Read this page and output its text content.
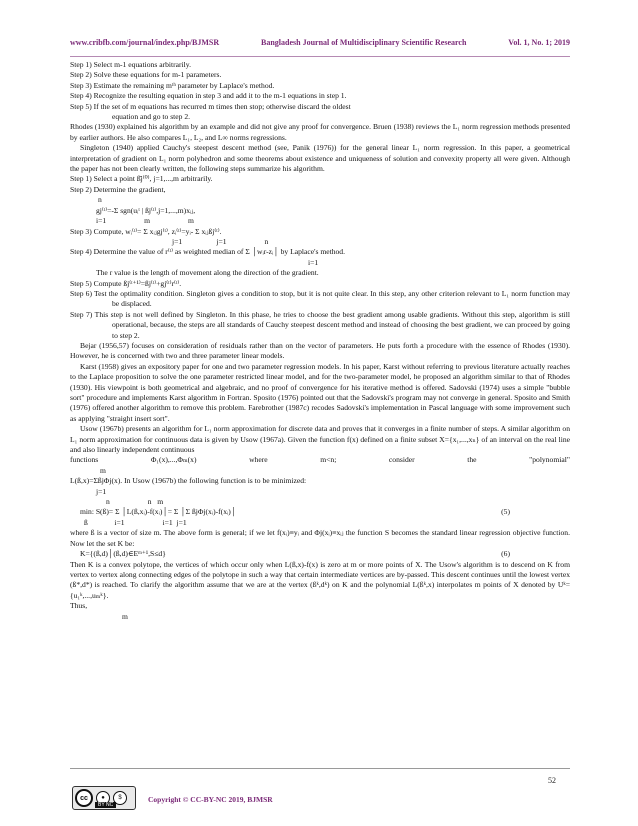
www.cribfb.com/journal/index.php/BJMSR	Bangladesh Journal of Multidisciplinary Scientific Research	Vol. 1, No. 1; 2019

Step 1) Select m-1 equations arbitrarily.

Step 2) Solve these equations for m-1 parameters.

Step 3) Estimate the remaining mᵗʰ parameter by Laplace's method.

Step 4) Recognize the resulting equation in step 3 and add it to the m-1 equations in step 1.

Step 5) If the set of m equations has recurred m times then stop; otherwise discard the oldest

equation and go to step 2.

Rhodes (1930) explained his algorithm by an example and did not give any proof for convergence. Bruen (1938) reviews the L₁ norm regression methods presented by earlier authors. He also compares L₁, L₂, and L∞ norms regressions.

Singleton (1940) applied Cauchy's steepest descent method (see, Panik (1976)) for the general linear L₁ norm regression. In this paper, a geometrical interpretation of gradient on L₁ norm polyhedron and some theorems about existence and uniqueness of solution and convexity property all were given. Although the paper has not been clearly written, the following steps summarize his algorithm.

Step 1) Select a point ß̂j⁽⁰⁾, j=1,...,m arbitrarily.

Step 2) Determine the gradient,

n

gj⁽ᵗ⁾=-Σ sgn(uᵢᵗ | ßj⁽ᵗ⁾,j=1,...,m)xᵢⱼ,

i=1                    m                    m

Step 3) Compute, wᵢ⁽ᵗ⁾= Σ xᵢⱼgj⁽ᵗ⁾, zᵢ⁽ᵗ⁾=yᵢ- Σ xᵢⱼßj⁽ᵗ⁾.

j=1                  j=1                    n

Step 4) Determine the value of r⁽ᵗ⁾ as weighted median of Σ │wᵢr-zᵢ│ by Laplace's method.

i=1

The r value is the length of movement along the direction of the gradient.

Step 5) Compute ßj⁽ᵗ⁺¹⁾=ßj⁽ᵗ⁾+gj⁽ᵗ⁾r⁽ᵗ⁾.

Step 6) Test the optimality condition. Singleton gives a condition to stop, but it is not quite clear. In this step, any other criterion relevant to L₁ norm function may be displaced.

Step 7) This step is not well defined by Singleton. In this phase, he tries to choose the best gradient among usable gradients. Without this step, algorithm is still operational, because, the steps are all standards of Cauchy steepest descent method and instead of choosing the best gradient, we can proceed by going to step 2.

Bejar (1956,57) focuses on consideration of residuals rather than on the vector of parameters. He puts forth a procedure with the essence of Rhodes (1930). However, he is concerned with two and three parameter linear models.

Karst (1958) gives an expository paper for one and two parameter regression models. In his paper, Karst without referring to previous literature actually reaches to the Laplace proposition to solve the one parameter restricted linear model, and for the two-parameter model, he proposed an algorithm similar to that of Rhodes (1930). His viewpoint is both geometrical and algebraic, and no proof of convergence for his iterative method is offered. Sadovski (1974) uses a simple "bubble sort" procedure and implements Karst algorithm in Fortran. Sposito (1976) pointed out that the Sadovski's program may not converge in general. Sposito and Smith (1976) offered another algorithm to remove this problem. Farebrother (1987c) recodes Sadovski's implementation in Pascal language with some improvement such as applying "straight insert sort".

Usow (1967b) presents an algorithm for L₁ norm approximation for discrete data and proves that it converges in a finite number of steps. A similar algorithm on L₁ norm approximation for continuous data is given by Usow (1967a). Given the function f(x) defined on a finite subset X={x₁,...,xₙ} of an interval on the real line and also linearly independent continuous

functions	Φ₁(x),...,Φₘ(x)	where	m<n;	consider	the	"polynomial"

m

L(ß,x)=ΣßjΦj(x). In Usow (1967b) the following function is to be minimized:

j=1

n                    n   m

min: S(ß)= Σ │L(ß,xᵢ)-f(xᵢ)│= Σ │Σ ßjΦj(xᵢ)-f(xᵢ)│	(5)

ß              i=1                    i=1  j=1

where ß is a vector of size m. The above form is general; if we let f(xᵢ)≡yᵢ and Φj(xᵢ)≡xᵢⱼ the function S becomes the standard linear regression objective function. Now let the set K be:

K={(ß,d)│(ß,d)∈Eᵐ⁺¹,S≤d}	(6)

Then K is a convex polytope, the vertices of which occur only when L(ß,x)-f(x) is zero at m or more points of X. The Usow's algorithm is to descend on K from vertex to vertex along connecting edges of the polytope in such a way that certain intermediate vertices are by-passed. This descent continues until the lowest vertex (ß*,d*) is reached. To clarify the algorithm assume that we are at the vertex (ßᵏ,dᵏ) on K and the polynomial L(ßᵏ,x) interpolates m points of X denoted by Uᵏ={u₁ᵏ,...,uₘᵏ}.

Thus,

m

52
cc	●	$
BY NC
Copyright © CC-BY-NC 2019, BJMSR
